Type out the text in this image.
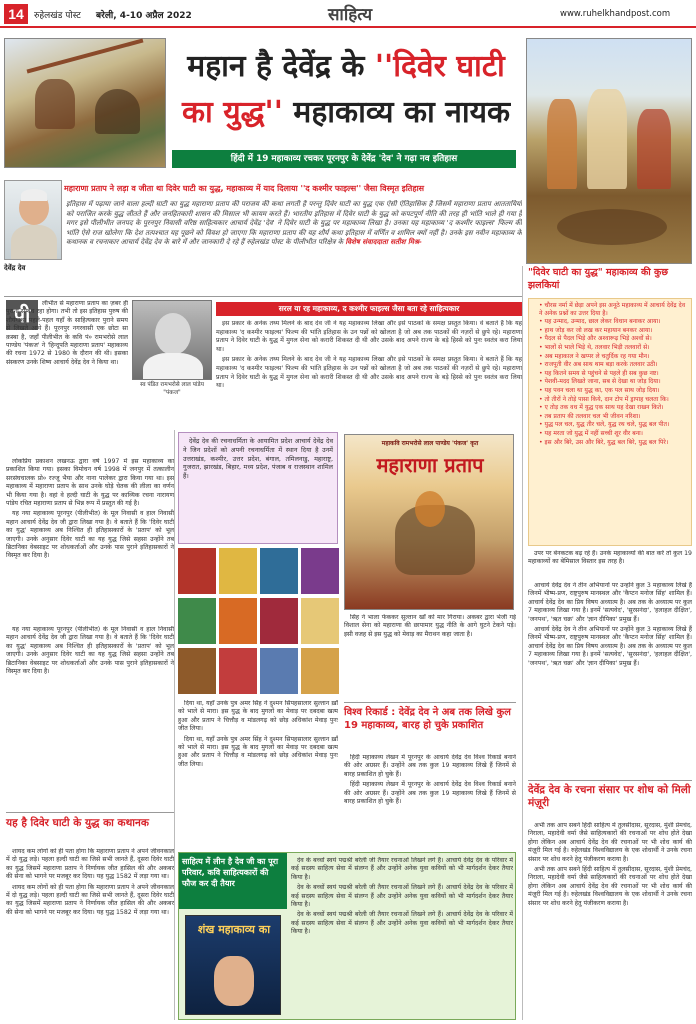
14	रुहेलखंड पोस्ट बरेली, 4-10 अप्रैल 2022	साहित्य	www.ruhelkhandpost.com
महान है देवेंद्र के ''दिवेर घाटी
का युद्ध'' महाकाव्य का नायक
हिंदी में 19 महाकाव्य रचकर पूरनपुर के देवेंद्र 'देव' ने गढ़ा नव इतिहास
महाराणा प्रताप ने लड़ा व जीता था दिवेर घाटी का युद्ध, महाकाव्य में याद दिलाया ''द कश्मीर फाइल्स'' जैसा विस्मृत इतिहास
देवेंद्र देव
इतिहास में पढ़ाया जाने वाला हल्दी घाटी का युद्ध महाराणा प्रताप की पराजय की कथा लगती है परन्तु दिवेर घाटी का युद्ध एक ऐसी ऐतिहासिक है जिसमें महाराणा प्रताप आततायियों को पराजित करके युद्ध जीतते हैं और जनहितकारी शासन की मिसाल भी कायम करते हैं। भारतीय इतिहास में दिवेर घाटी के युद्ध को कपटपूर्ण नीति की तरह ही भांति भाले ही गया है मगर इसे पीलीभीत जनपद के पूरनपुर निवासी वरिष्ठ साहित्यकार आचार्य देवेंद्र 'देव' ने दिवेर घाटी के युद्ध पर महाकाव्य लिखा है। उनका यह महाकाव्य 'द कश्मीर फाइल्स' फिल्म की भांति ऐसे राज खोलेगा कि देश तत्पश्चात यह पूछने को विवश हो जाएगा कि महाराणा प्रताप की यह शौर्य कथा इतिहास में वर्णित व शामिल क्यों नहीं है। उनके इस नवीन महाकाव्य के कथानक व रचनाकार आचार्य देवेंद्र देव के बारे में और जानकारी दे रहे हैं रुहेलखंड पोस्ट के पीलीभीत परिक्षेत्र के विशेष संवाददाता सतीश मिश्र-
पी	लीभीत से महाराणा प्रताप का ज़बर ही पुराना सम्बंध रहा होगा। तभी तो इस इतिहास पुरुष की शौर्यगाथा पहले-पहल यहाँ के साहित्यकार पुराने समय से लिखते आये हैं। पूरनपुर नगरवासी एक छोटा सा क़स्बा है, जहाँ पीलीभीत के कवि पं० रामभरोसे लाल पाण्डेय 'पंकज' ने 'हिन्दूपति महाराणा प्रताप' महाकाव्य की रचना 1972 से 1980 के दौरान की थी। इसका संस्करण उनके शिष्य आचार्य देवेंद्र देव ने किया था।

लोकप्रिय प्रकाशन लखनऊ द्वारा वर्ष 1997 में इस महाकाव्य का प्रकाशित किया गया। इसका विमोचन वर्ष 1998 में जनपुर में तत्कालीन सरसंघचालक प्रो० रज्जू भैया और नाना पालेकर द्वारा किया गया था। इस महाकाव्य में महाराणा प्रताप के साथ उनके घोड़े चेतक की लीला का वर्णन भी किया गया है। वहां वे हल्दी घाटी के युद्ध पर काव्यिक रचना नारायण पांडेय रचित महाराणा प्रताप से भिन्न रूप में प्रस्तुत की गई है।

यह नया महाकाव्य पूरनपुर (पीलीभीत) के मूल निवासी व हाल निवासी महान आचार्य देवेंद्र देव जी द्वारा लिखा गया है। वे बताते हैं कि 'दिवेर घाटी का युद्ध' महाकाव्य अब निश्चित ही इतिहासकारों के 'प्रताप' को भूल जाएगी। उनके अनुसार दिवेर घाटी का यह युद्ध जिसे सहसा उन्होंने तब ब्रिटानिका वेबसाइट पर शोधकर्ताओं और उनके पास पुराने इतिहासकारों ने विस्मृत कर दिया है।

यह नया महाकाव्य पूरनपुर (पीलीभीत) के मूल निवासी व हाल निवासी महान आचार्य देवेंद्र देव जी द्वारा लिखा गया है। वे बताते हैं कि 'दिवेर घाटी का युद्ध' महाकाव्य अब निश्चित ही इतिहासकारों के 'प्रताप' को भूल जाएगी। उनके अनुसार दिवेर घाटी का यह युद्ध जिसे सहसा उन्होंने तब ब्रिटानिका वेबसाइट पर शोधकर्ताओं और उनके पास पुराने इतिहासकारों ने विस्मृत कर दिया है।

यह है दिवेर घाटी के युद्ध का कथानक

शायद कम लोगों को ही पता होगा कि महाराणा प्रताप ने अपने जीवनकाल में दो युद्ध लड़े। पहला हल्दी घाटी का जिसे सभी जानते हैं, दूसरा दिवेर घाटी का युद्ध जिसमें महाराणा प्रताप ने निर्णायक जीत हासिल की और अकबर की सेना को भागने पर मजबूर कर दिया। यह युद्ध 1582 में लड़ा गया था।

शायद कम लोगों को ही पता होगा कि महाराणा प्रताप ने अपने जीवनकाल में दो युद्ध लड़े। पहला हल्दी घाटी का जिसे सभी जानते हैं, दूसरा दिवेर घाटी का युद्ध जिसमें महाराणा प्रताप ने निर्णायक जीत हासिल की और अकबर की सेना को भागने पर मजबूर कर दिया। यह युद्ध 1582 में लड़ा गया था।

स्व पंडित रामभरोसे लाल पांडेय "पंकज"
सरल या रह महाकाव्य, द कश्मीर फाइल्स जैसा बता रहे साहित्यकार

इस प्रकार के अनेक तथ्य मिलने के बाद देव जी ने यह महाकाव्य लिखा और इसे पाठकों के समक्ष प्रस्तुत किया। वे बताते हैं कि यह महाकाव्य 'द कश्मीर फाइल्स' फिल्म की भांति इतिहास के उन पन्नों को खोलता है जो अब तक पाठकों की नज़रों से छुपे रहे। महाराणा प्रताप ने दिवेर घाटी के युद्ध में मुगल सेना को करारी शिकस्त दी थी और उसके बाद अपने राज्य के बड़े हिस्से को पुनः स्वतंत्र करा लिया था।

इस प्रकार के अनेक तथ्य मिलने के बाद देव जी ने यह महाकाव्य लिखा और इसे पाठकों के समक्ष प्रस्तुत किया। वे बताते हैं कि यह महाकाव्य 'द कश्मीर फाइल्स' फिल्म की भांति इतिहास के उन पन्नों को खोलता है जो अब तक पाठकों की नज़रों से छुपे रहे। महाराणा प्रताप ने दिवेर घाटी के युद्ध में मुगल सेना को करारी शिकस्त दी थी और उसके बाद अपने राज्य के बड़े हिस्से को पुनः स्वतंत्र करा लिया था।

देवेंद्र देव की रचनाधर्मिता के आयामित प्रदेश आचार्य देवेंद्र देव ने जिन प्रदेशों को अपनी रचनाधर्मिता में स्थान दिया है उनमें उत्तराखंड, कश्मीर, उत्तर प्रदेश, बंगाल, तमिलनाडु, महाराष्ट्र, गुजरात, झारखंड, बिहार, मध्य प्रदेश, पंजाब व राजस्थान शामिल हैं।

महाकवि रामभरोसे लाल पाण्डेय 'पंकज' कृत
महाराणा प्रताप

दिया था, यहाँ उनके पुत्र अमर सिंह ने दुश्मन सिपहसालार सुल्तान ख़ाँ को भाले से मारा। इस युद्ध के बाद मुगलों का मेवाड़ पर दबदबा खत्म हुआ और प्रताप ने चित्तौड़ व मांडलगढ़ को छोड़ अधिकांश मेवाड़ पुनः जीत लिया।

दिया था, यहाँ उनके पुत्र अमर सिंह ने दुश्मन सिपहसालार सुल्तान ख़ाँ को भाले से मारा। इस युद्ध के बाद मुगलों का मेवाड़ पर दबदबा खत्म हुआ और प्रताप ने चित्तौड़ व मांडलगढ़ को छोड़ अधिकांश मेवाड़ पुनः जीत लिया।

सिंह ने भाला फेंककर सुल्तान खाँ को मार गिराया। अकबर द्वारा भेजी गई विशाल सेना को महाराणा की छापामार युद्ध नीति के आगे घुटने टेकने पड़े। इसी वजह से इस युद्ध को मेवाड़ का मैराथन कहा जाता है।

विश्व रिकार्ड : देवेंद्र देव ने अब तक लिखे कुल 19 महाकाव्य, बारह हो चुके प्रकाशित

हिंदी महाकाव्य लेखन में पूरनपुर के आचार्य देवेंद्र देव विश्व रिकार्ड बनाने की ओर अग्रसर हैं। उन्होंने अब तक कुल 19 महाकाव्य लिखे हैं जिनमें से बारह प्रकाशित हो चुके हैं।

हिंदी महाकाव्य लेखन में पूरनपुर के आचार्य देवेंद्र देव विश्व रिकार्ड बनाने की ओर अग्रसर हैं। उन्होंने अब तक कुल 19 महाकाव्य लिखे हैं जिनमें से बारह प्रकाशित हो चुके हैं।

साहित्य में लीन है देव जी का पूरा परिवार, कवि साहित्यकारों की फौज कर दी तैयार
शंख महाकाव्य का

देव के बच्चों स्वयं पद्मश्री बरेली जी तैयार रचनाओं लिखने लगे हैं। आचार्य देवेंद्र देव के परिवार में कई सदस्य साहित्य सेवा में संलग्न हैं और उन्होंने अनेक युवा कवियों को भी मार्गदर्शन देकर तैयार किया है।

देव के बच्चों स्वयं पद्मश्री बरेली जी तैयार रचनाओं लिखने लगे हैं। आचार्य देवेंद्र देव के परिवार में कई सदस्य साहित्य सेवा में संलग्न हैं और उन्होंने अनेक युवा कवियों को भी मार्गदर्शन देकर तैयार किया है।

देव के बच्चों स्वयं पद्मश्री बरेली जी तैयार रचनाओं लिखने लगे हैं। आचार्य देवेंद्र देव के परिवार में कई सदस्य साहित्य सेवा में संलग्न हैं और उन्होंने अनेक युवा कवियों को भी मार्गदर्शन देकर तैयार किया है।

"दिवेर घाटी का युद्ध" महाकाव्य की कुछ झलकियां
• चौरस नर्मा में छेड़ा अपने इस अनूठे महाकाव्य में आचार्य देवेंद्र देव ने अनेक प्रश्नों का उत्तर दिया है।
• यह उन्माद, उन्माद, छाल लेकर विधान बनाकर आया।
• हाथ जोड़ कर जो लख कर महायान बनकर आया।
• पैदल से पैदल भिड़े और अश्वारूढ़ भिड़े अश्वों से।
• भालों से भाले भिड़े थे, तलवार भिड़ी तलवारों से।
• अब महाकाल ने खप्पर ले चतुर्दिक रह गया मौन।
• राजपूती वीर अब साथ थाम बड़ा करके तलवार उठी।
• यह कितने समय से पहुंचने से पहले ही सब कुछ नष्ट।
• पेशवी-मदद लिखते जाना, सब से देखा था जोड़ दिया।
• यह पवन चला था युद्ध का, एक पल साथ जोड़ दिया।
• तो तीरों ने तोड़े पासा किये, दान टोप में ड्रापाह चलता कि।
• ए तोड़ तक वध में युद्ध एक साथ यह देखा राखन किते।
• तब प्रताप की तलवार चल भी जीवन नरिशा।
• युद्ध पल चल, युद्ध तीर चले, युद्ध रथ चले, युद्ध बल पीत।
• यह मरता जो युद्ध में नहीं सच्ची शूर वीर बना।
• इस और बिरे, उस और बिरे, युद्ध बल बिरे, युद्ध बल पिरे।

उपर पर बेनकटक बढ़ रहे हैं। उनके महाकाव्यों की बात करें तो कुल 19 महाकाव्यों का बेमिसाल विस्तार इस तरह है।

आचार्य देवेंद्र देव ने तीन अभियानों पर उन्होंने कुल 3 महाकाव्य लिखे हैं जिनमें भीष्म-प्रण, राष्ट्रपुरुष मानस्थल और 'कैप्टन मनोज सिंह' शामिल हैं। आचार्य देवेंद्र देव का प्रिय विषय अध्यात्म है। अब तक के अध्यात्म पर कुल 7 महाकाव्य लिखा गया है। इनमें 'सत्यवेद', 'सुरसनंदा', 'हलाहल दीक्षित', 'जनपथ', 'ऋत चक्र' और 'ज्ञान दीपिका' प्रमुख हैं।

आचार्य देवेंद्र देव ने तीन अभियानों पर उन्होंने कुल 3 महाकाव्य लिखे हैं जिनमें भीष्म-प्रण, राष्ट्रपुरुष मानस्थल और 'कैप्टन मनोज सिंह' शामिल हैं। आचार्य देवेंद्र देव का प्रिय विषय अध्यात्म है। अब तक के अध्यात्म पर कुल 7 महाकाव्य लिखा गया है। इनमें 'सत्यवेद', 'सुरसनंदा', 'हलाहल दीक्षित', 'जनपथ', 'ऋत चक्र' और 'ज्ञान दीपिका' प्रमुख हैं।

देवेंद्र देव के रचना संसार पर शोध को मिली मंज़ूरी

अभी तक आप सबने हिंदी साहित्य में तुलसीदास, सूरदास, मुंशी प्रेमचंद, निराला, महादेवी वर्मा जैसे साहित्यकारों की रचनाओं पर शोध होते देखा होगा लेकिन अब आचार्य देवेंद्र देव की रचनाओं पर भी शोध कार्य की मंज़ूरी मिल गई है। रुहेलखंड विश्वविद्यालय के एक शोधार्थी ने उनके रचना संसार पर शोध करने हेतु पंजीकरण कराया है।

अभी तक आप सबने हिंदी साहित्य में तुलसीदास, सूरदास, मुंशी प्रेमचंद, निराला, महादेवी वर्मा जैसे साहित्यकारों की रचनाओं पर शोध होते देखा होगा लेकिन अब आचार्य देवेंद्र देव की रचनाओं पर भी शोध कार्य की मंज़ूरी मिल गई है। रुहेलखंड विश्वविद्यालय के एक शोधार्थी ने उनके रचना संसार पर शोध करने हेतु पंजीकरण कराया है।
